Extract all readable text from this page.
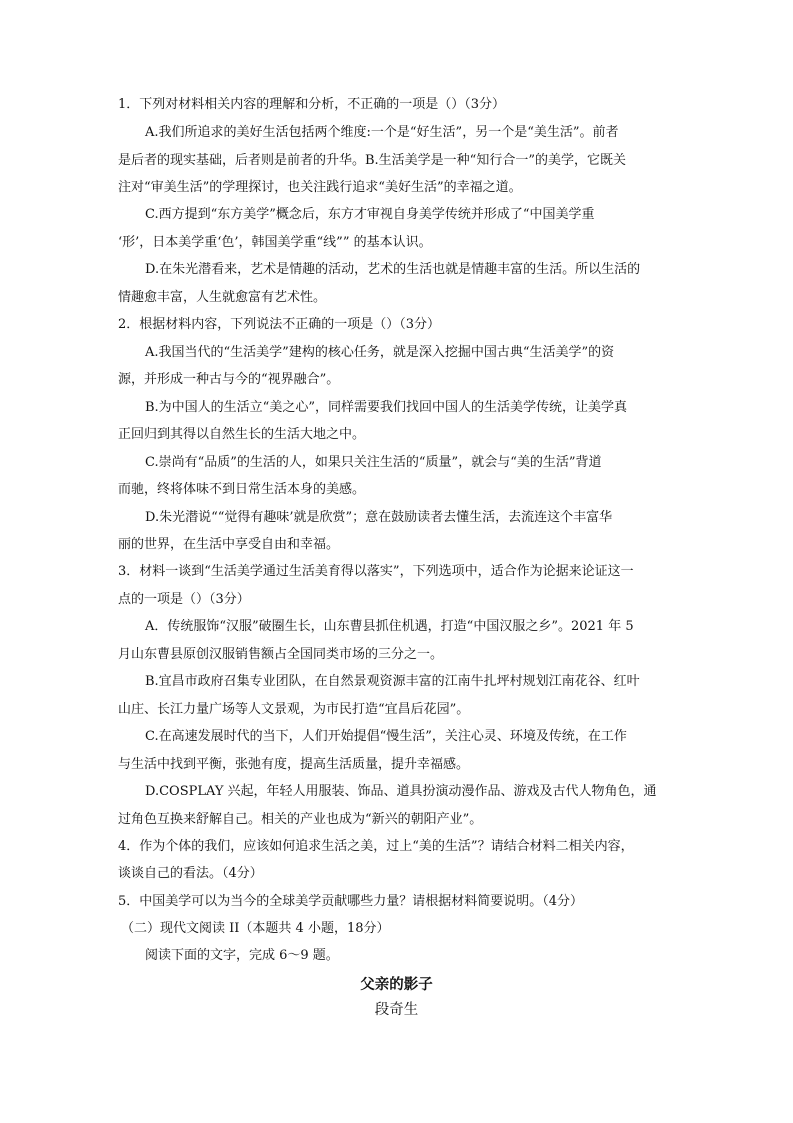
1．下列对材料相关内容的理解和分析，不正确的一项是（）（3分）
A.我们所追求的美好生活包括两个维度:一个是“好生活”，另一个是“美生活”。前者
是后者的现实基础，后者则是前者的升华。B.生活美学是一种“知行合一”的美学，它既关
注对“审美生活”的学理探讨，也关注践行追求“美好生活”的幸福之道。
C.西方提到“东方美学”概念后，东方才审视自身美学传统并形成了“中国美学重
‘形’，日本美学重‘色’，韩国美学重“线”” 的基本认识。
D.在朱光潜看来，艺术是情趣的活动，艺术的生活也就是情趣丰富的生活。所以生活的
情趣愈丰富，人生就愈富有艺术性。
2．根据材料内容，下列说法不正确的一项是（）（3分）
A.我国当代的“生活美学”建构的核心任务，就是深入挖掘中国古典“生活美学”的资
源，并形成一种古与今的“视界融合”。
B.为中国人的生活立“美之心”，同样需要我们找回中国人的生活美学传统，让美学真
正回归到其得以自然生长的生活大地之中。
C.崇尚有“品质”的生活的人，如果只关注生活的“质量”，就会与“美的生活”背道
而驰，终将体味不到日常生活本身的美感。
D.朱光潜说““觉得有趣味’就是欣赏”；意在鼓励读者去懂生活，去流连这个丰富华
丽的世界，在生活中享受自由和幸福。
3．材料一谈到“生活美学通过生活美育得以落实”，下列选项中，适合作为论据来论证这一
点的一项是（）（3分）
A．传统服饰“汉服”破圈生长，山东曹县抓住机遇，打造“中国汉服之乡”。2021 年 5
月山东曹县原创汉服销售额占全国同类市场的三分之一。
B.宜昌市政府召集专业团队，在自然景观资源丰富的江南牛扎坪村规划江南花谷、红叶
山庄、长江力量广场等人文景观，为市民打造“宜昌后花园”。
C.在高速发展时代的当下，人们开始提倡“慢生活”，关注心灵、环境及传统，在工作
与生活中找到平衡，张弛有度，提高生活质量，提升幸福感。
D.COSPLAY 兴起，年轻人用服装、饰品、道具扮演动漫作品、游戏及古代人物角色，通
过角色互换来舒解自己。相关的产业也成为“新兴的朝阳产业”。
4．作为个体的我们，应该如何追求生活之美，过上“美的生活”？请结合材料二相关内容，
谈谈自己的看法。（4分）
5．中国美学可以为当今的全球美学贡献哪些力量？请根据材料简要说明。（4分）
（二）现代文阅读 II（本题共 4 小题，18分）
阅读下面的文字，完成 6～9 题。
父亲的影子
段奇生
